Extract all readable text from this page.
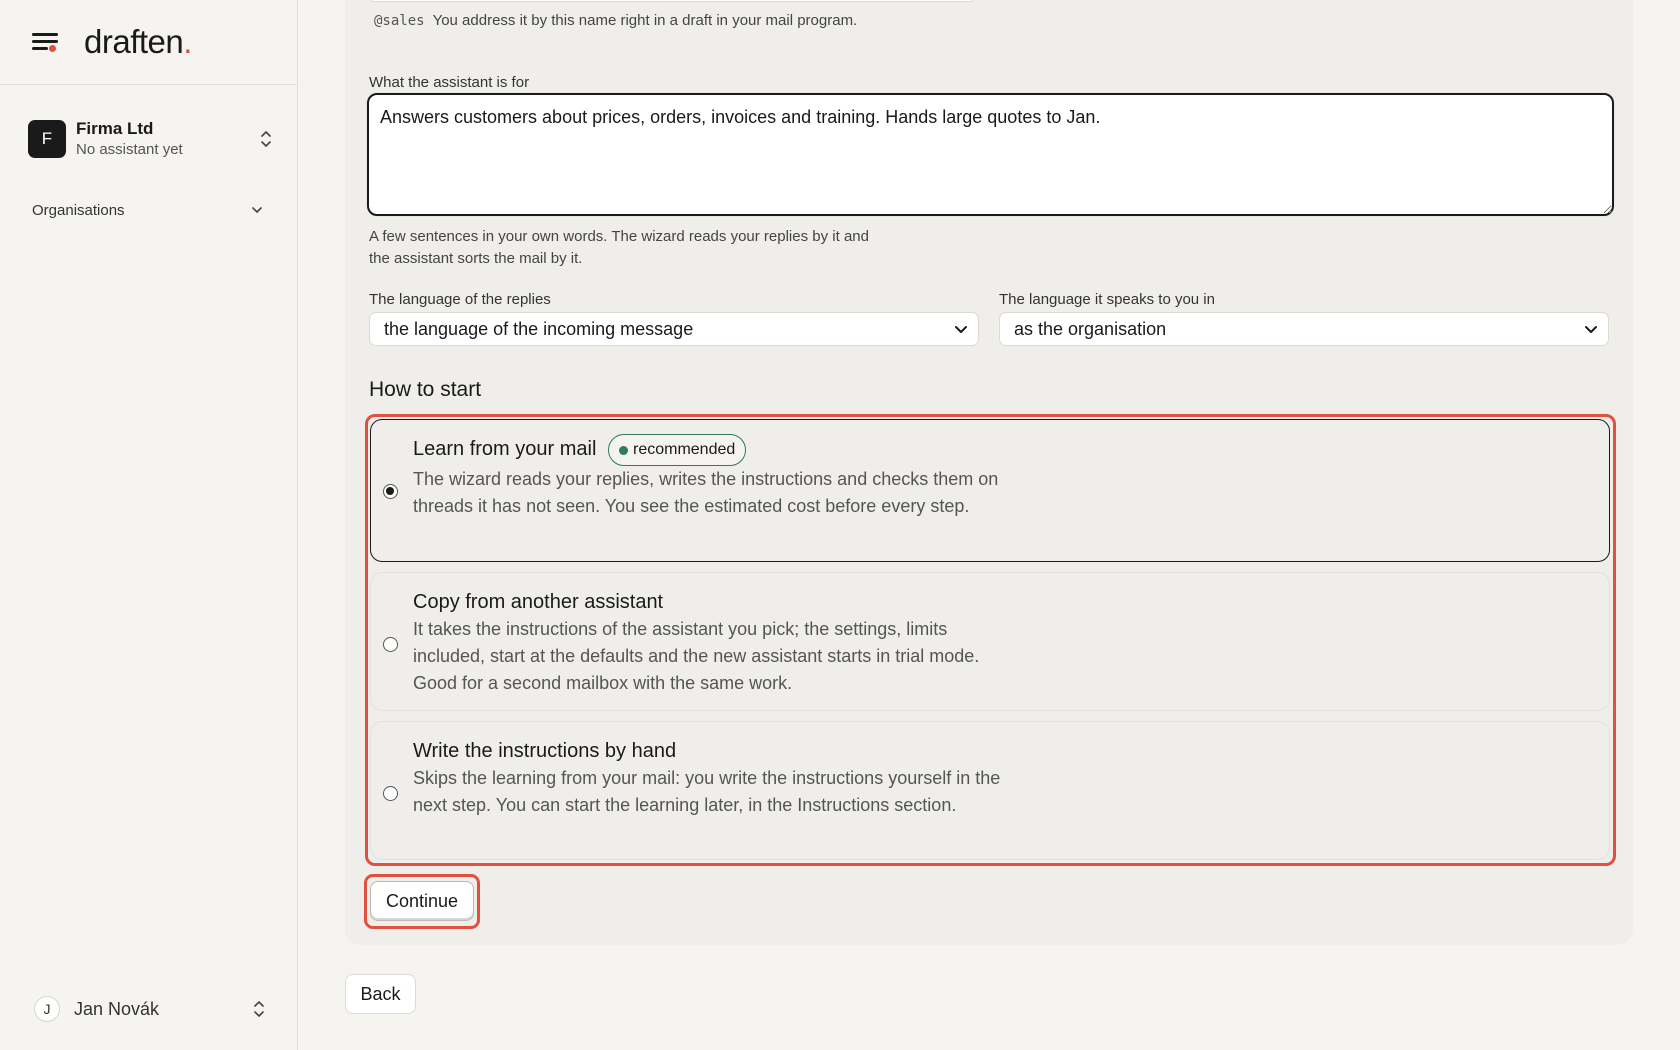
draften.
F
Firma Ltd
No assistant yet
Organisations
J	Jan Novák
@sales You address it by this name right in a draft in your mail program.
What the assistant is for
Answers customers about prices, orders, invoices and training. Hands large quotes to Jan.
A few sentences in your own words. The wizard reads your replies by it and the assistant sorts the mail by it.
The language of the replies
the language of the incoming message
The language it speaks to you in
as the organisation
How to start
Learn from your mail	recommended
The wizard reads your replies, writes the instructions and checks them on threads it has not seen. You see the estimated cost before every step.
Copy from another assistant
It takes the instructions of the assistant you pick; the settings, limits included, start at the defaults and the new assistant starts in trial mode. Good for a second mailbox with the same work.
Write the instructions by hand
Skips the learning from your mail: you write the instructions yourself in the next step. You can start the learning later, in the Instructions section.
Continue
Back
